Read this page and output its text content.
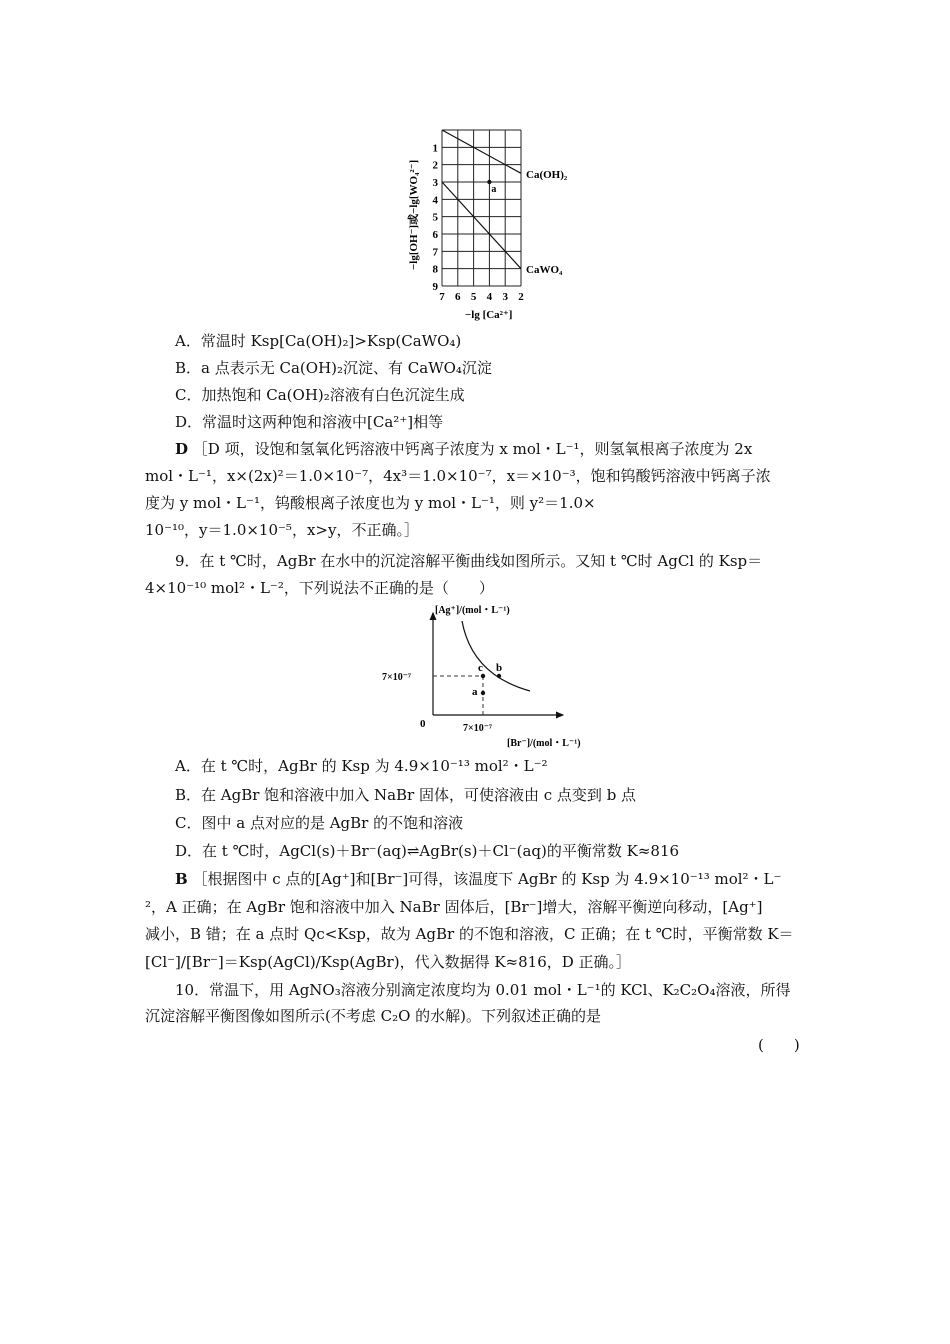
a
1
2
3
4
5
6
7
8
9
7 6 5 4 3 2
Ca(OH)₂
CaWO₄
−lg [Ca²⁺]
−lg[OH⁻]或−lg[WO₄²⁻]
A．常温时 Ksp[Ca(OH)₂]>Ksp(CaWO₄)
B．a 点表示无 Ca(OH)₂沉淀、有 CaWO₄沉淀
C．加热饱和 Ca(OH)₂溶液有白色沉淀生成
D．常温时这两种饱和溶液中[Ca²⁺]相等
D ［D 项，设饱和氢氧化钙溶液中钙离子浓度为 x mol・L⁻¹，则氢氧根离子浓度为 2x
mol・L⁻¹，x×(2x)²＝1.0×10⁻⁷，4x³＝1.0×10⁻⁷，x＝×10⁻³，饱和钨酸钙溶液中钙离子浓
度为 y mol・L⁻¹，钨酸根离子浓度也为 y mol・L⁻¹，则 y²＝1.0×
10⁻¹⁰，y＝1.0×10⁻⁵，x>y，不正确。］
9．在 t ℃时，AgBr 在水中的沉淀溶解平衡曲线如图所示。又知 t ℃时 AgCl 的 Ksp＝
4×10⁻¹⁰ mol²・L⁻²，下列说法不正确的是（　　）
c b
a
[Ag⁺]/(mol・L⁻¹)
[Br⁻]/(mol・L⁻¹)
0
7×10⁻⁷
7×10⁻⁷
A．在 t ℃时，AgBr 的 Ksp 为 4.9×10⁻¹³ mol²・L⁻²
B．在 AgBr 饱和溶液中加入 NaBr 固体，可使溶液由 c 点变到 b 点
C．图中 a 点对应的是 AgBr 的不饱和溶液
D．在 t ℃时，AgCl(s)＋Br⁻(aq)⇌AgBr(s)＋Cl⁻(aq)的平衡常数 K≈816
B ［根据图中 c 点的[Ag⁺]和[Br⁻]可得，该温度下 AgBr 的 Ksp 为 4.9×10⁻¹³ mol²・L⁻
²，A 正确；在 AgBr 饱和溶液中加入 NaBr 固体后，[Br⁻]增大，溶解平衡逆向移动，[Ag⁺]
减小，B 错；在 a 点时 Qc<Ksp，故为 AgBr 的不饱和溶液，C 正确；在 t ℃时，平衡常数 K＝
[Cl⁻]/[Br⁻]＝Ksp(AgCl)/Ksp(AgBr)，代入数据得 K≈816，D 正确。］
10．常温下，用 AgNO₃溶液分别滴定浓度均为 0.01 mol・L⁻¹的 KCl、K₂C₂O₄溶液，所得
沉淀溶解平衡图像如图所示(不考虑 C₂O 的水解)。下列叙述正确的是
(　　)
